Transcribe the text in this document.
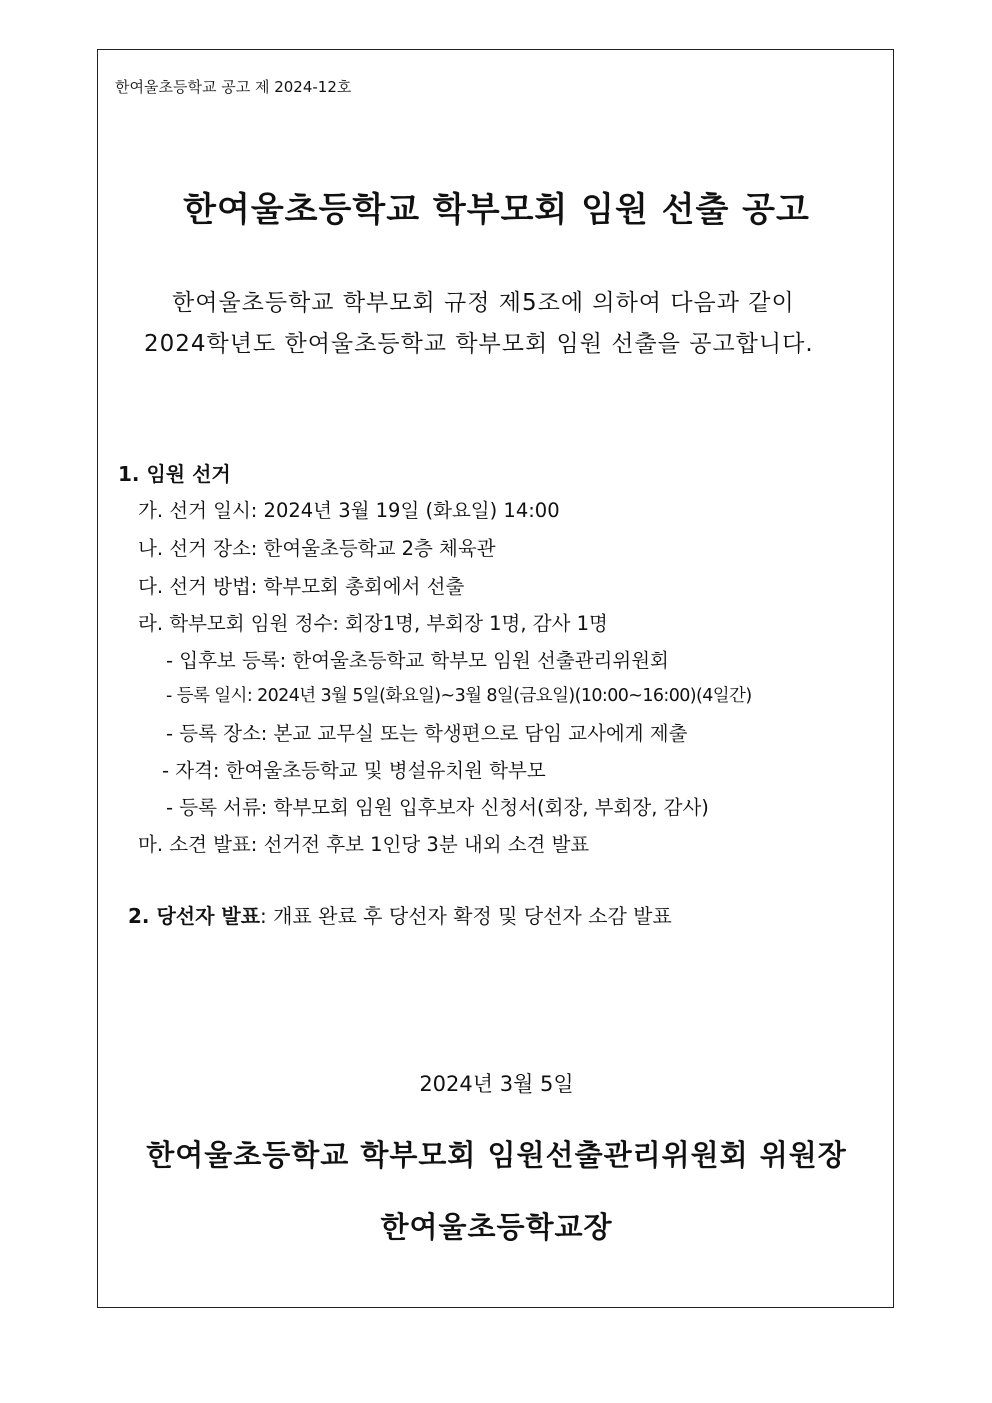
한여울초등학교 공고 제 2024-12호
한여울초등학교 학부모회 임원 선출 공고
한여울초등학교 학부모회 규정 제5조에 의하여 다음과 같이
2024학년도 한여울초등학교 학부모회 임원 선출을 공고합니다.
1. 임원 선거
가. 선거 일시: 2024년 3월 19일 (화요일) 14:00
나. 선거 장소: 한여울초등학교 2층 체육관
다. 선거 방법: 학부모회 총회에서 선출
라. 학부모회 임원 정수: 회장1명, 부회장 1명, 감사 1명
- 입후보 등록: 한여울초등학교 학부모 임원 선출관리위원회
- 등록 일시: 2024년 3월 5일(화요일)~3월 8일(금요일)(10:00~16:00)(4일간)
- 등록 장소: 본교 교무실 또는 학생편으로 담임 교사에게 제출
- 자격: 한여울초등학교 및 병설유치원 학부모
- 등록 서류: 학부모회 임원 입후보자 신청서(회장, 부회장, 감사)
마. 소견 발표: 선거전 후보 1인당 3분 내외 소견 발표
2. 당선자 발표: 개표 완료 후 당선자 확정 및 당선자 소감 발표
2024년 3월 5일
한여울초등학교 학부모회 임원선출관리위원회 위원장
한여울초등학교장
